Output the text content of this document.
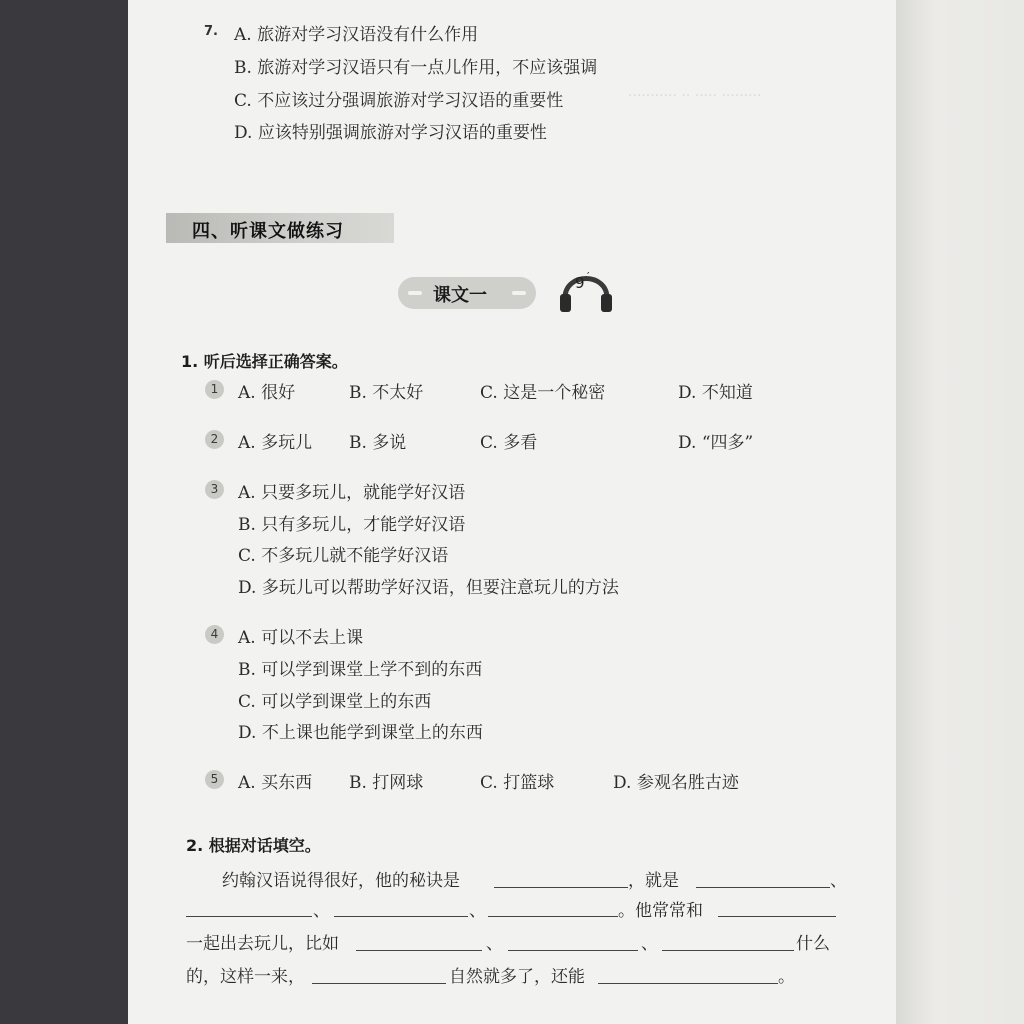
··········· ·· ····· ·········
7. A. 旅游对学习汉语没有什么作用
B. 旅游对学习汉语只有一点儿作用，不应该强调
C. 不应该过分强调旅游对学习汉语的重要性
D. 应该特别强调旅游对学习汉语的重要性
四、听课文做练习
课文一
9 ′
1. 听后选择正确答案。
1	A. 很好	B. 不太好	C. 这是一个秘密	D. 不知道
2	A. 多玩儿 B. 多说	C. 多看	D. “四多”
3	A. 只要多玩儿，就能学好汉语
B. 只有多玩儿，才能学好汉语
C. 不多玩儿就不能学好汉语
D. 多玩儿可以帮助学好汉语，但要注意玩儿的方法
4	A. 可以不去上课
B. 可以学到课堂上学不到的东西
C. 可以学到课堂上的东西
D. 不上课也能学到课堂上的东西
5	A. 买东西 B. 打网球	C. 打篮球	D. 参观名胜古迹
2. 根据对话填空。
约翰汉语说得很好，他的秘诀是	，就是	、
、	、	。他常常和
一起出去玩儿，比如	、	、	什么
的，这样一来，	自然就多了，还能	。
